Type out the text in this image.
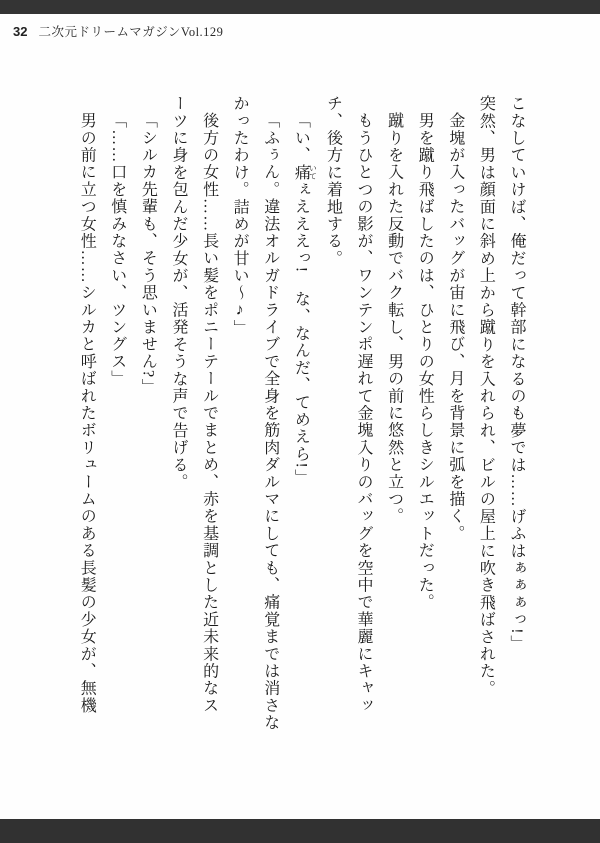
32 二次元ドリームマガジンVol.129
こなしていけば、俺だって幹部になるのも夢では……げふはぁぁぁっ!」
突然、男は顔面に斜め上から蹴りを入れられ、ビルの屋上に吹き飛ばされた。
金塊が入ったバッグが宙に飛び、月を背景に弧を描く。
男を蹴り飛ばしたのは、ひとりの女性らしきシルエットだった。
蹴りを入れた反動でバク転し、男の前に悠然と立つ。
もうひとつの影が、ワンテンポ遅れて金塊入りのバッグを空中で華麗にキャッ
チ、後方に着地する。
「い、痛 いてぇえええっ!　な、なんだ、てめえら!」
「ふぅん。違法オルガドライブで全身を筋肉ダルマにしても、痛覚までは消さな
かったわけ。詰めが甘い〜♪」
後方の女性……長い髪をポニーテールでまとめ、赤を基調とした近未来的なス
ーツに身を包んだ少女が、活発そうな声で告げる。
「シルカ先輩も、そう思いません?」
「……口を慎みなさい、ツングス」
男の前に立つ女性……シルカと呼ばれたボリュームのある長髪の少女が、無機
